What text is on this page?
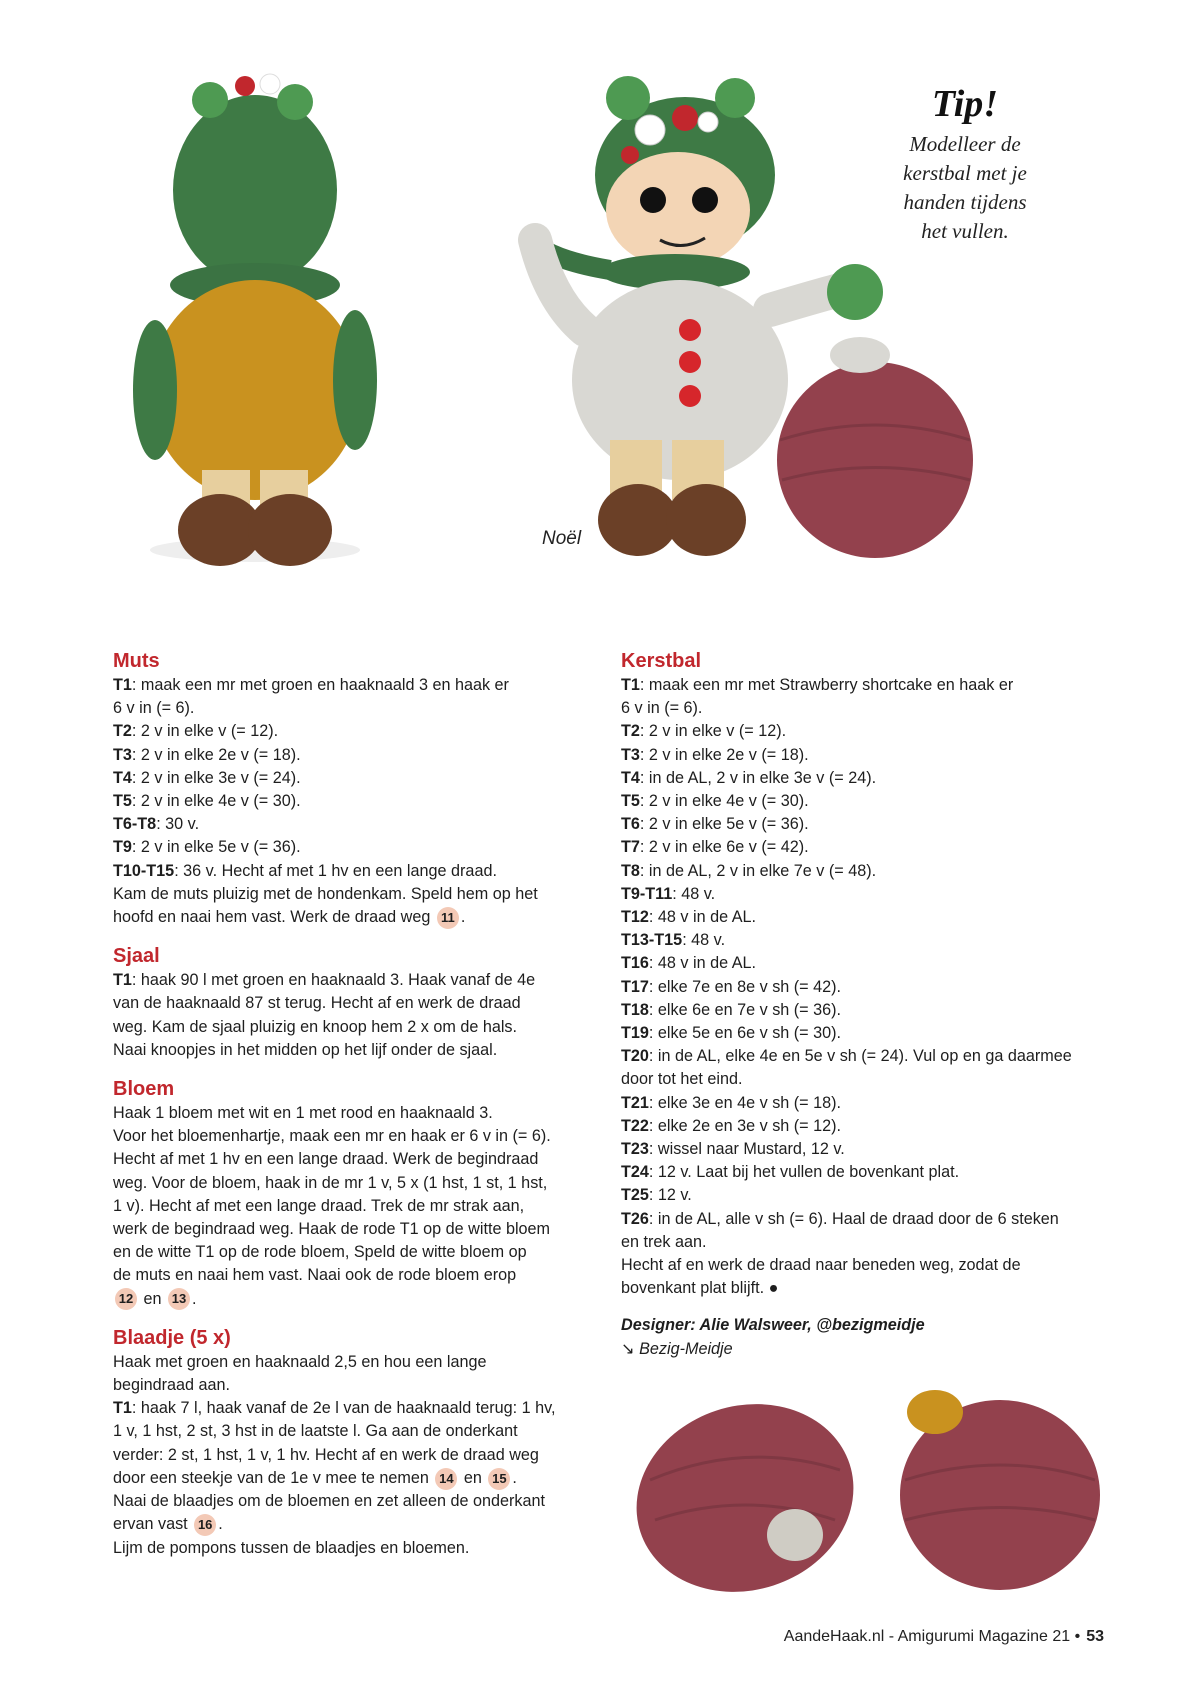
Tip!
Modelleer de
kerstbal met je
handen tijdens
het vullen.
Noël
Muts
T1: maak een mr met groen en haaknaald 3 en haak er
6 v in (= 6).
T2: 2 v in elke v (= 12).
T3: 2 v in elke 2e v (= 18).
T4: 2 v in elke 3e v (= 24).
T5: 2 v in elke 4e v (= 30).
T6-T8: 30 v.
T9: 2 v in elke 5e v (= 36).
T10-T15: 36 v. Hecht af met 1 hv en een lange draad.
Kam de muts pluizig met de hondenkam. Speld hem op het
hoofd en naai hem vast. Werk de draad weg 11 .
Sjaal
T1: haak 90 l met groen en haaknaald 3. Haak vanaf de 4e
van de haaknaald 87 st terug. Hecht af en werk de draad
weg. Kam de sjaal pluizig en knoop hem 2 x om de hals.
Naai knoopjes in het midden op het lijf onder de sjaal.
Bloem
Haak 1 bloem met wit en 1 met rood en haaknaald 3.
Voor het bloemenhartje, maak een mr en haak er 6 v in (= 6).
Hecht af met 1 hv en een lange draad. Werk de begindraad
weg. Voor de bloem, haak in de mr 1 v, 5 x (1 hst, 1 st, 1 hst,
1 v). Hecht af met een lange draad. Trek de mr strak aan,
werk de begindraad weg. Haak de rode T1 op de witte bloem
en de witte T1 op de rode bloem, Speld de witte bloem op
de muts en naai hem vast. Naai ook de rode bloem erop
12 en 13 .
Blaadje (5 x)
Haak met groen en haaknaald 2,5 en hou een lange
begindraad aan.
T1: haak 7 l, haak vanaf de 2e l van de haaknaald terug: 1 hv,
1 v, 1 hst, 2 st, 3 hst in de laatste l. Ga aan de onderkant
verder: 2 st, 1 hst, 1 v, 1 hv. Hecht af en werk de draad weg
door een steekje van de 1e v mee te nemen 14 en 15 .
Naai de blaadjes om de bloemen en zet alleen de onderkant
ervan vast 16 .
Lijm de pompons tussen de blaadjes en bloemen.
Kerstbal
T1: maak een mr met Strawberry shortcake en haak er
6 v in (= 6).
T2: 2 v in elke v (= 12).
T3: 2 v in elke 2e v (= 18).
T4: in de AL, 2 v in elke 3e v (= 24).
T5: 2 v in elke 4e v (= 30).
T6: 2 v in elke 5e v (= 36).
T7: 2 v in elke 6e v (= 42).
T8: in de AL, 2 v in elke 7e v (= 48).
T9-T11: 48 v.
T12: 48 v in de AL.
T13-T15: 48 v.
T16: 48 v in de AL.
T17: elke 7e en 8e v sh (= 42).
T18: elke 6e en 7e v sh (= 36).
T19: elke 5e en 6e v sh (= 30).
T20: in de AL, elke 4e en 5e v sh (= 24). Vul op en ga daarmee
door tot het eind.
T21: elke 3e en 4e v sh (= 18).
T22: elke 2e en 3e v sh (= 12).
T23: wissel naar Mustard, 12 v.
T24: 12 v. Laat bij het vullen de bovenkant plat.
T25: 12 v.
T26: in de AL, alle v sh (= 6). Haal de draad door de 6 steken
en trek aan.
Hecht af en werk de draad naar beneden weg, zodat de
bovenkant plat blijft. ●
Designer: Alie Walsweer, @bezigmeidje
↘ Bezig-Meidje
AandeHaak.nl - Amigurumi Magazine 21 • 53
